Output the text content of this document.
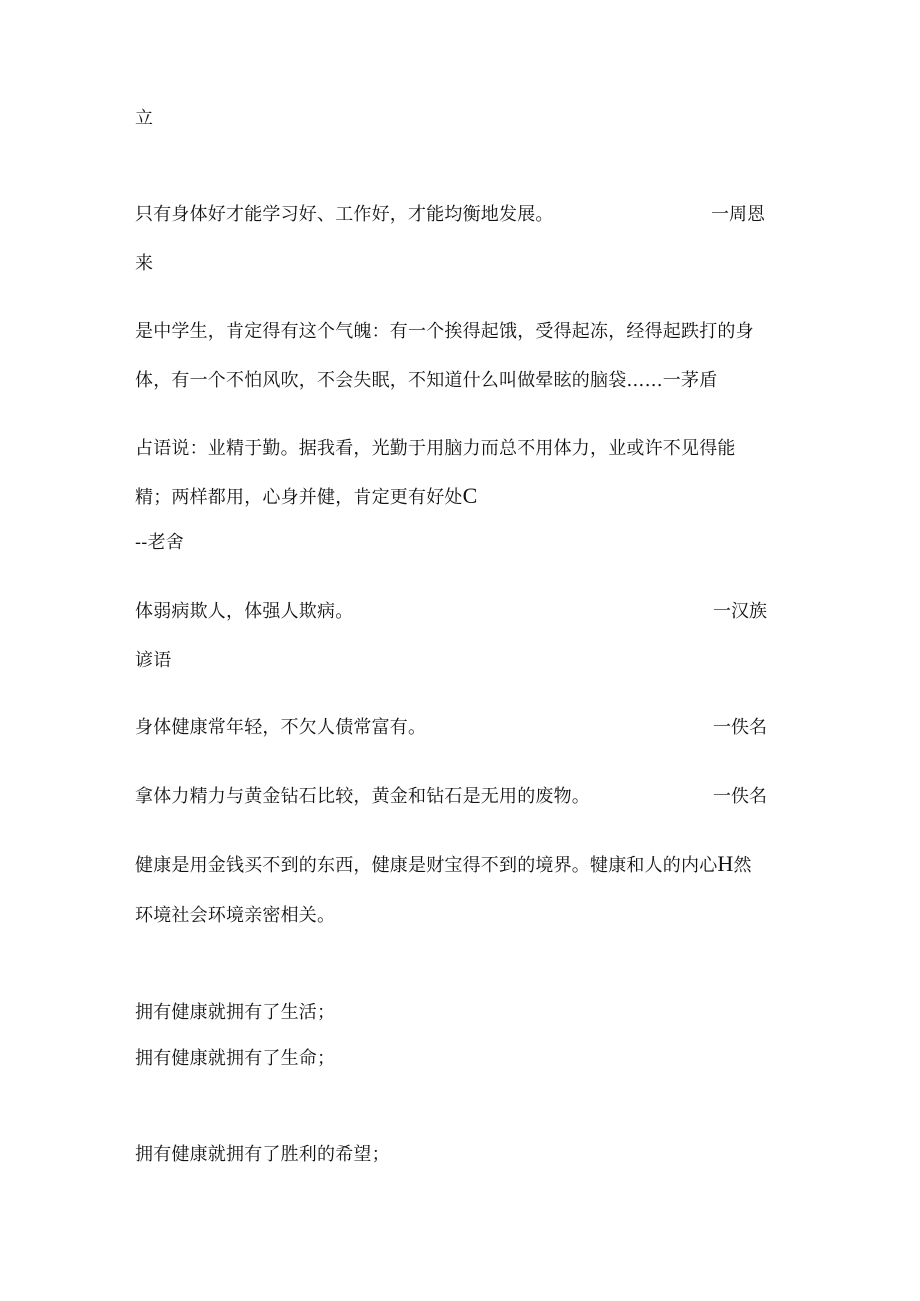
立
只有身体好才能学习好、工作好，才能均衡地发展。	一周恩
来
是中学生，肯定得有这个气魄：有一个挨得起饿，受得起冻，经得起跌打的身
体，有一个不怕风吹，不会失眠，不知道什么叫做晕眩的脑袋……一茅盾
占语说：业精于勤。据我看，光勤于用脑力而总不用体力，业或许不见得能
精；两样都用，心身并健，肯定更有好处C
--老舍
体弱病欺人，体强人欺病。	一汉族
谚语
身体健康常年轻，不欠人债常富有。	一佚名
拿体力精力与黄金钻石比较，黄金和钻石是无用的废物。	一佚名
健康是用金钱买不到的东西，健康是财宝得不到的境界。犍康和人的内心H然
环境社会环境亲密相关。
拥有健康就拥有了生活；
拥有健康就拥有了生命；
拥有健康就拥有了胜利的希望；
